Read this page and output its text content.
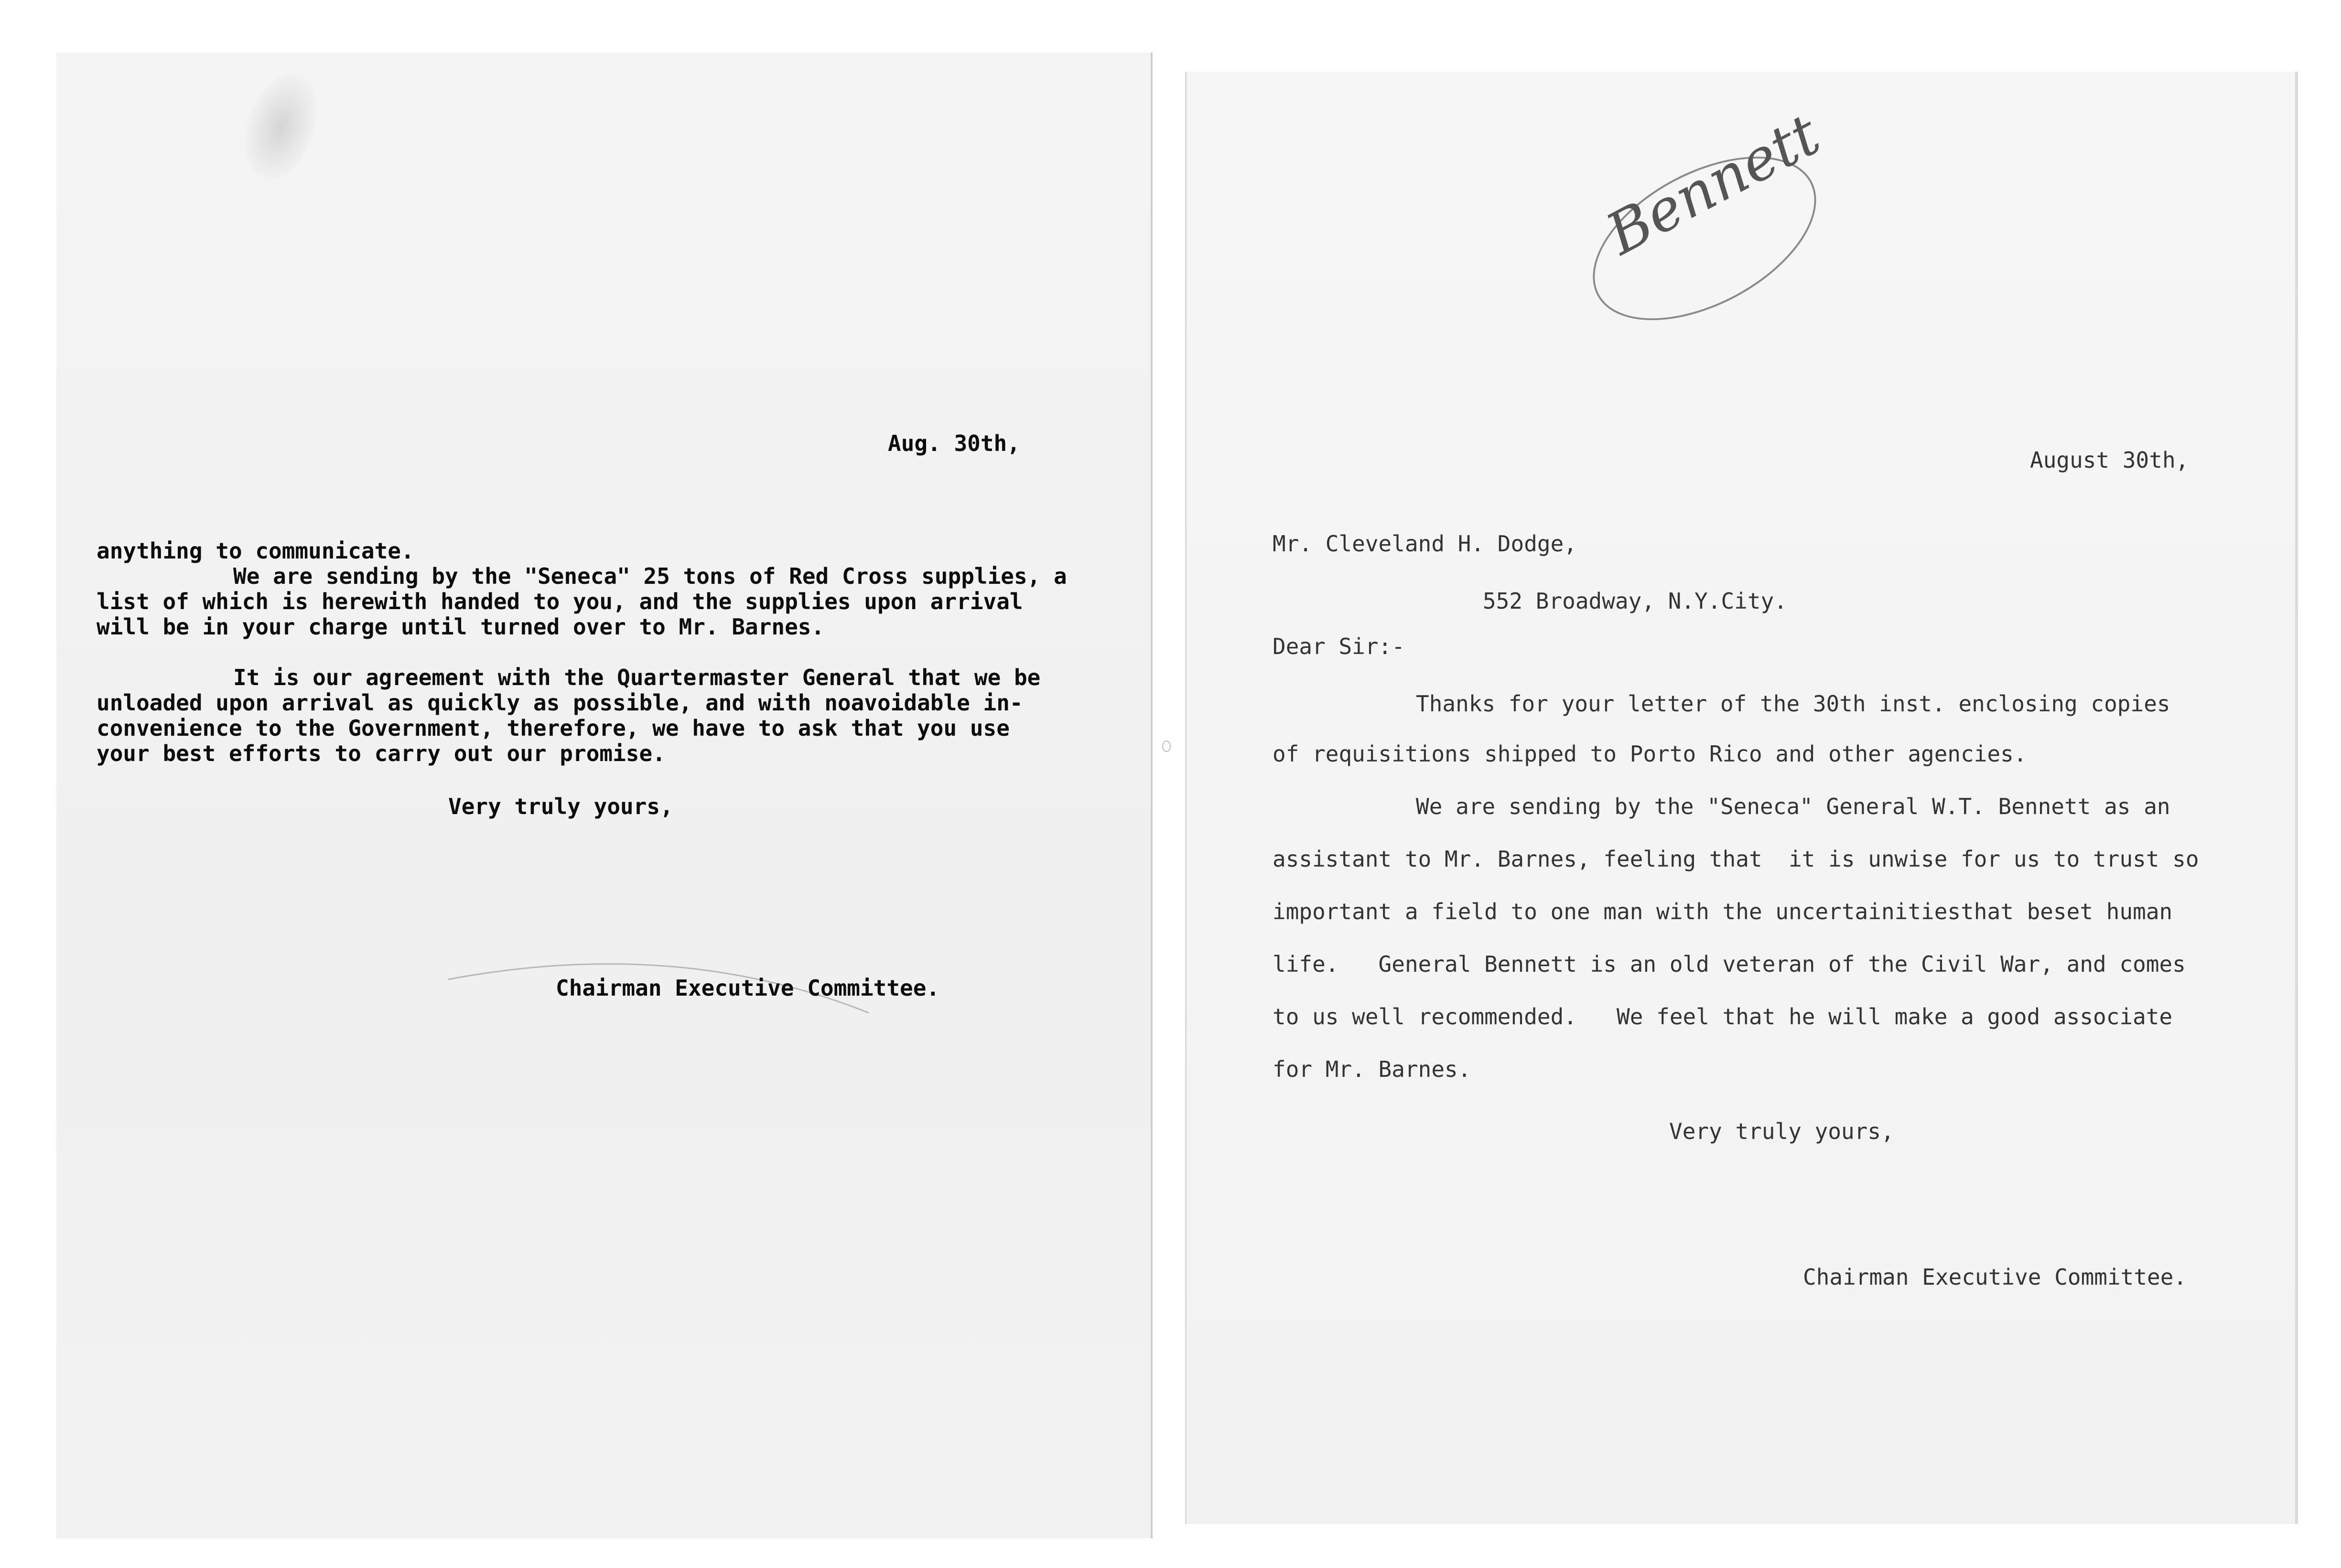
Aug. 30th,
anything to communicate.
We are sending by the "Seneca" 25 tons of Red Cross supplies, a
list of which is herewith handed to you, and the supplies upon arrival
will be in your charge until turned over to Mr. Barnes.
It is our agreement with the Quartermaster General that we be
unloaded upon arrival as quickly as possible, and with noavoidable in-
convenience to the Government, therefore, we have to ask that you use
your best efforts to carry out our promise.
Very truly yours,
Chairman Executive Committee.
Bennett
August 30th,
Mr. Cleveland H. Dodge,
552 Broadway, N.Y.City.
Dear Sir:-
Thanks for your letter of the 30th inst. enclosing copies
of requisitions shipped to Porto Rico and other agencies.
We are sending by the "Seneca" General W.T. Bennett as an
assistant to Mr. Barnes, feeling that  it is unwise for us to trust so
important a field to one man with the uncertainitiesthat beset human
life.   General Bennett is an old veteran of the Civil War, and comes
to us well recommended.   We feel that he will make a good associate
for Mr. Barnes.
Very truly yours,
Chairman Executive Committee.
